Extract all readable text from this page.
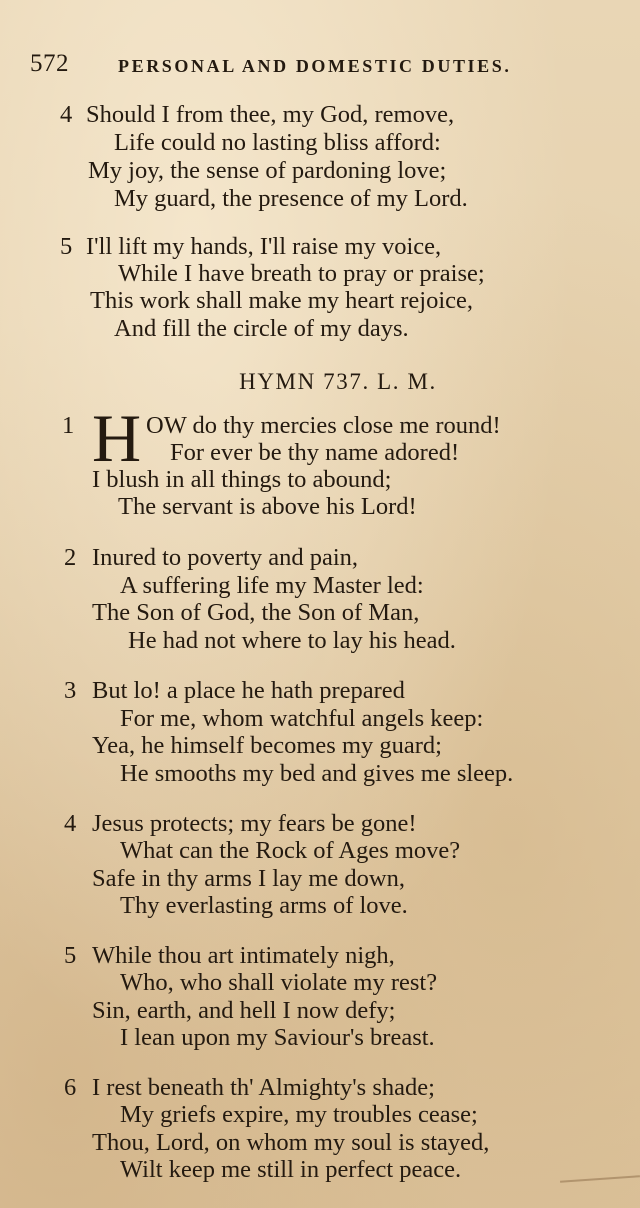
572	PERSONAL AND DOMESTIC DUTIES.
4 Should I from thee, my God, remove,
Life could no lasting bliss afford:
My joy, the sense of pardoning love;
My guard, the presence of my Lord.
5 I'll lift my hands, I'll raise my voice,
While I have breath to pray or praise;
This work shall make my heart rejoice,
And fill the circle of my days.
HYMN 737. L. M.
1 H OW do thy mercies close me round!
For ever be thy name adored!
I blush in all things to abound;
The servant is above his Lord!
2 Inured to poverty and pain,
A suffering life my Master led:
The Son of God, the Son of Man,
He had not where to lay his head.
3 But lo! a place he hath prepared
For me, whom watchful angels keep:
Yea, he himself becomes my guard;
He smooths my bed and gives me sleep.
4 Jesus protects; my fears be gone!
What can the Rock of Ages move?
Safe in thy arms I lay me down,
Thy everlasting arms of love.
5 While thou art intimately nigh,
Who, who shall violate my rest?
Sin, earth, and hell I now defy;
I lean upon my Saviour's breast.
6 I rest beneath th' Almighty's shade;
My griefs expire, my troubles cease;
Thou, Lord, on whom my soul is stayed,
Wilt keep me still in perfect peace.
